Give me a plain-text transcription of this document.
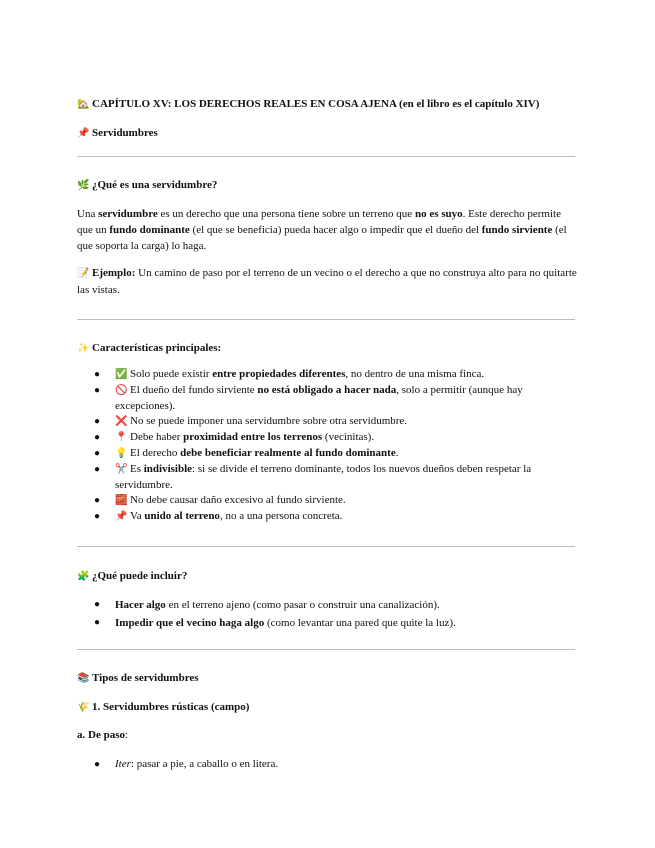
🏡 CAPÍTULO XV: LOS DERECHOS REALES EN COSA AJENA (en el libro es el capítulo XIV)
📌 Servidumbres
🌿 ¿Qué es una servidumbre?
Una servidumbre es un derecho que una persona tiene sobre un terreno que no es suyo. Este derecho permite que un fundo dominante (el que se beneficia) pueda hacer algo o impedir que el dueño del fundo sirviente (el que soporta la carga) lo haga.
📝 Ejemplo: Un camino de paso por el terreno de un vecino o el derecho a que no construya alto para no quitarte las vistas.
✨ Características principales:
● ✅ Solo puede existir entre propiedades diferentes, no dentro de una misma finca.
● 🚫 El dueño del fundo sirviente no está obligado a hacer nada, solo a permitir (aunque hay excepciones).
● ❌ No se puede imponer una servidumbre sobre otra servidumbre.
● 📍 Debe haber proximidad entre los terrenos (vecinitas).
● 💡 El derecho debe beneficiar realmente al fundo dominante.
● ✂️ Es indivisible: si se divide el terreno dominante, todos los nuevos dueños deben respetar la servidumbre.
● 🧱 No debe causar daño excesivo al fundo sirviente.
● 📌 Va unido al terreno, no a una persona concreta.
🧩 ¿Qué puede incluir?
● Hacer algo en el terreno ajeno (como pasar o construir una canalización).
● Impedir que el vecino haga algo (como levantar una pared que quite la luz).
📚 Tipos de servidumbres
🌾 1. Servidumbres rústicas (campo)
a. De paso:
● Iter: pasar a pie, a caballo o en litera.
